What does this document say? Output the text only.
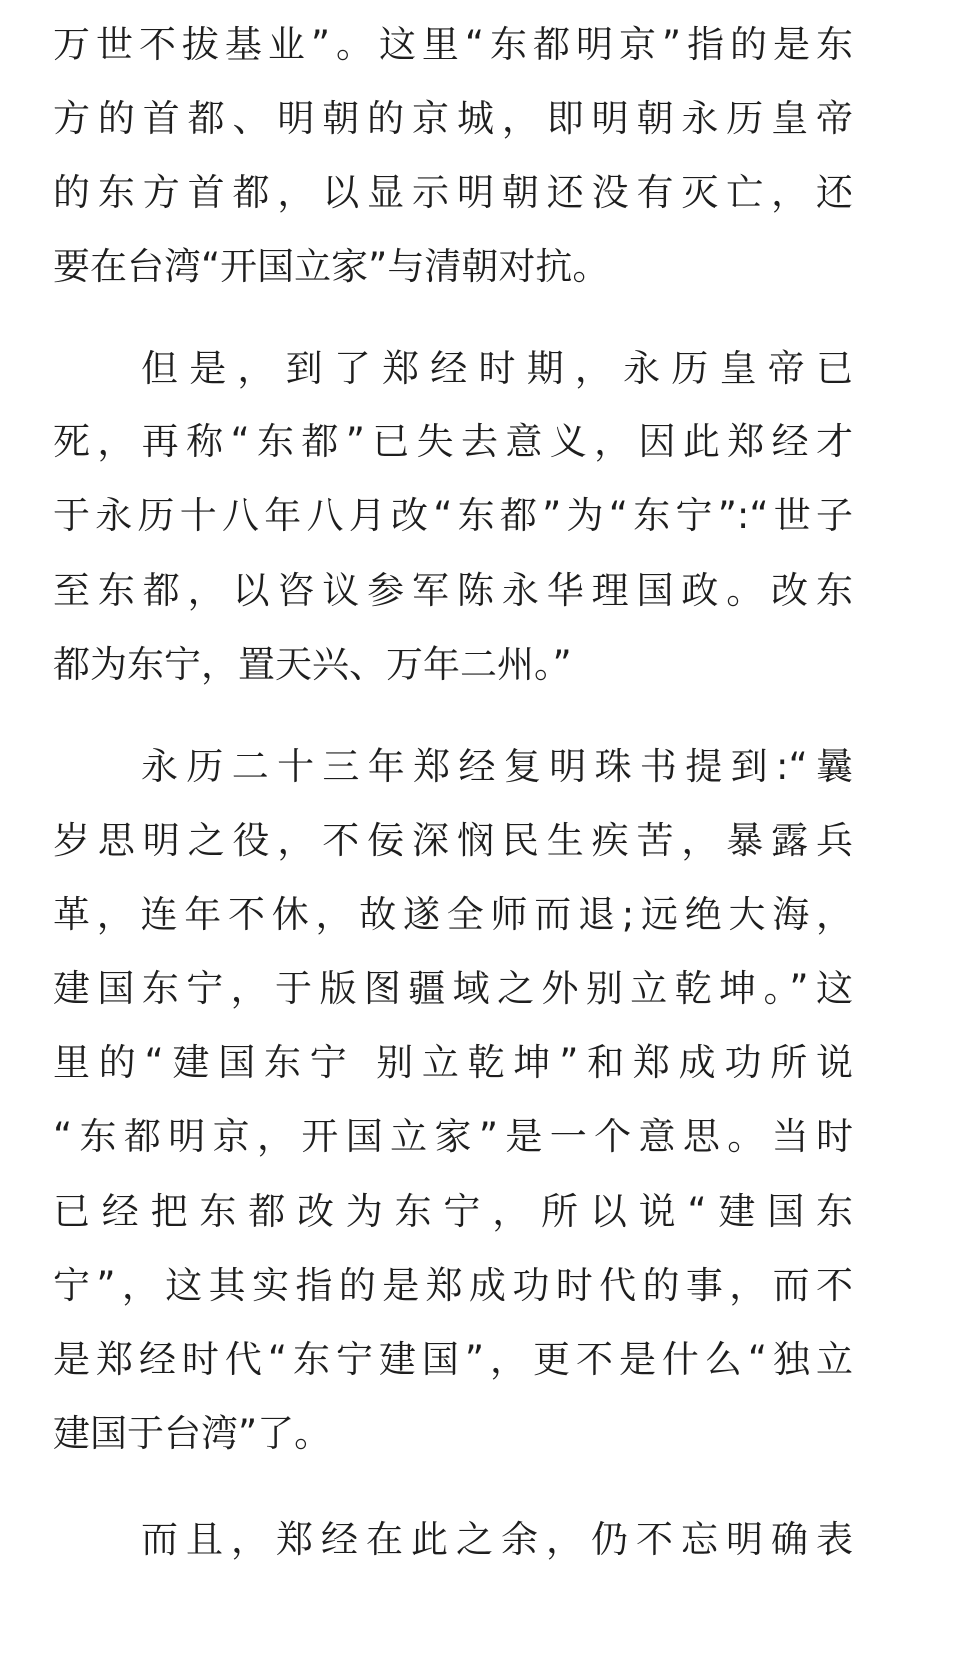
万世不拔基业”。这里“东都明京”指的是东
方的首都、明朝的京城，即明朝永历皇帝
的东方首都，以显示明朝还没有灭亡，还
要在台湾“开国立家”与清朝对抗。
但是，到了郑经时期，永历皇帝已
死，再称“东都”已失去意义，因此郑经才
于永历十八年八月改“东都”为“东宁”:“世子
至东都，以咨议参军陈永华理国政。改东
都为东宁，置天兴、万年二州。”
永历二十三年郑经复明珠书提到:“曩
岁思明之役，不佞深悯民生疾苦，暴露兵
革，连年不休，故遂全师而退;远绝大海，
建国东宁，于版图疆域之外别立乾坤。”这
里的“建国东宁 别立乾坤”和郑成功所说
“东都明京，开国立家”是一个意思。当时
已经把东都改为东宁，所以说“建国东
宁”，这其实指的是郑成功时代的事，而不
是郑经时代“东宁建国”，更不是什么“独立
建国于台湾”了。
而且，郑经在此之余，仍不忘明确表
